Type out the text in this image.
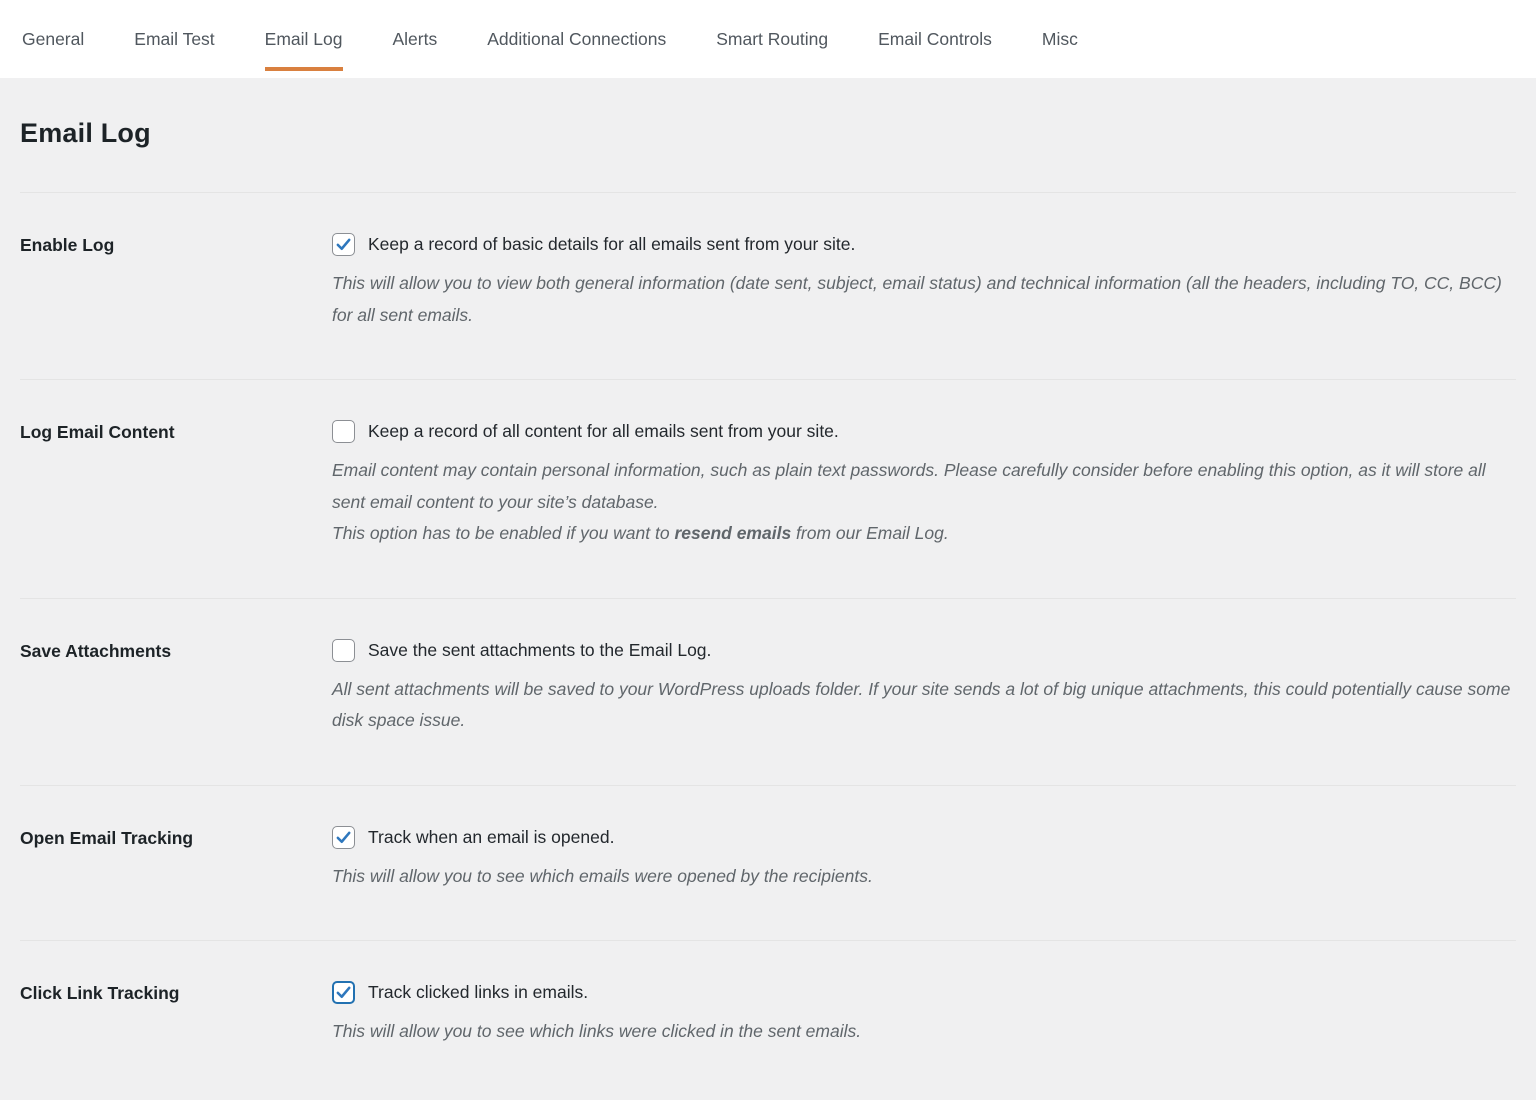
General	Email Test	Email Log	Alerts	Additional Connections	Smart Routing	Email Controls	Misc
Email Log
Enable Log	Keep a record of basic details for all emails sent from your site.
This will allow you to view both general information (date sent, subject, email status) and technical information (all the headers, including TO, CC, BCC) for all sent emails.
Log Email Content	Keep a record of all content for all emails sent from your site.
Email content may contain personal information, such as plain text passwords. Please carefully consider before enabling this option, as it will store all sent email content to your site’s database.
This option has to be enabled if you want to resend emails from our Email Log.
Save Attachments	Save the sent attachments to the Email Log.
All sent attachments will be saved to your WordPress uploads folder. If your site sends a lot of big unique attachments, this could potentially cause some disk space issue.
Open Email Tracking	Track when an email is opened.
This will allow you to see which emails were opened by the recipients.
Click Link Tracking	Track clicked links in emails.
This will allow you to see which links were clicked in the sent emails.
